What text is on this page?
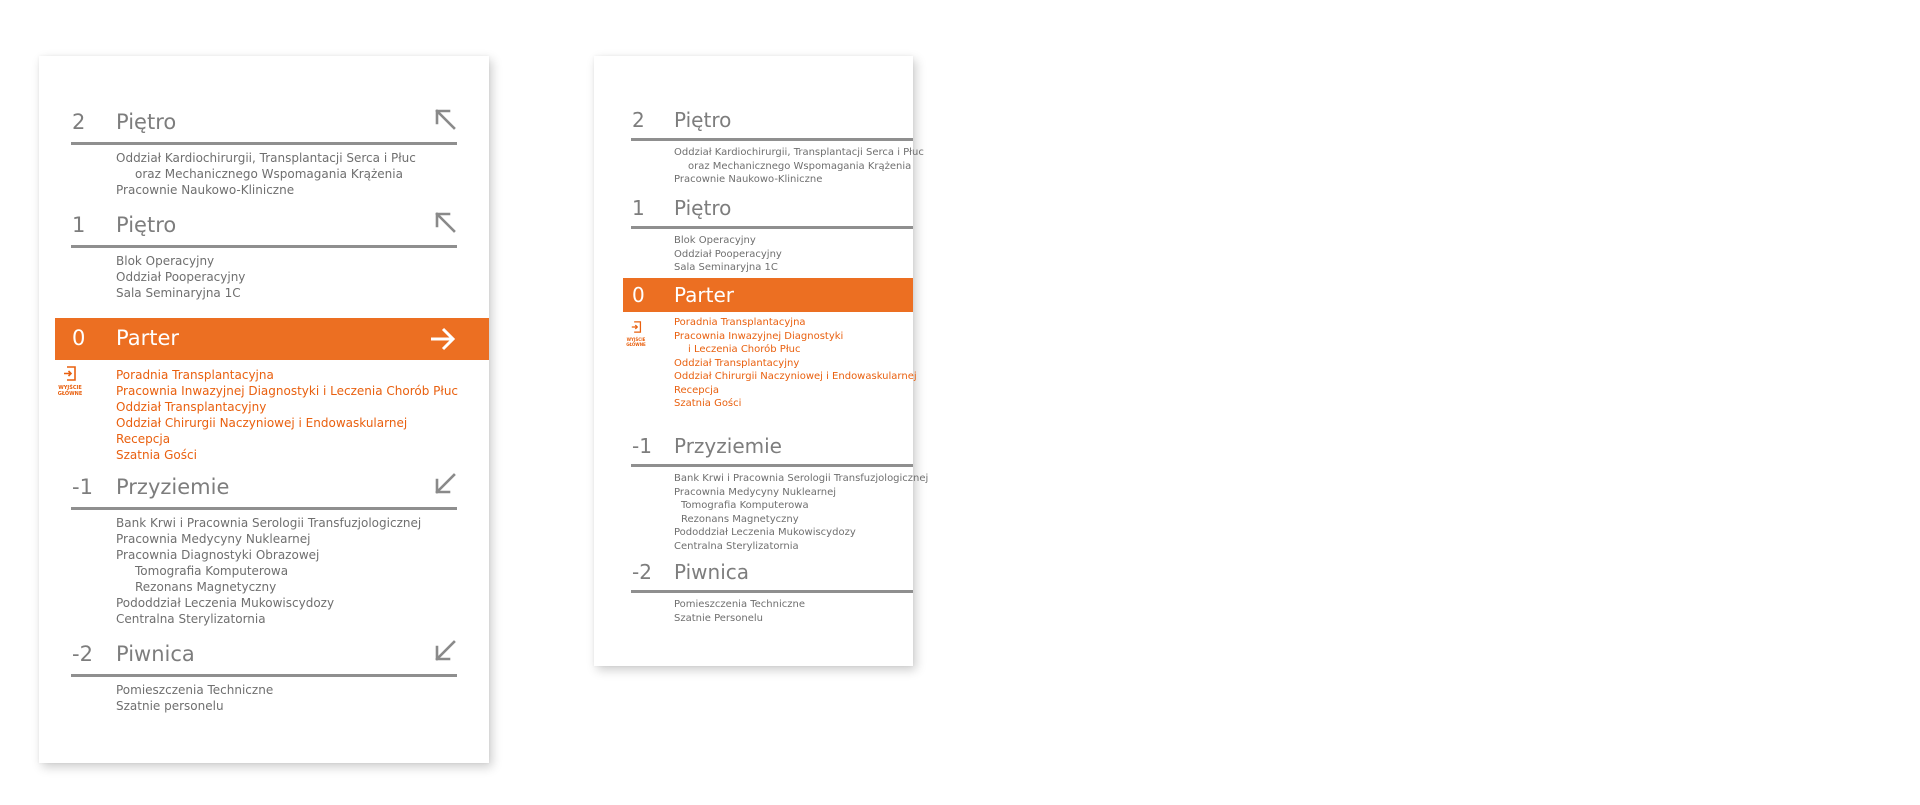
2 Piętro
Oddział Kardiochirurgii, Transplantacji Serca i Płuc
oraz Mechanicznego Wspomagania Krążenia
Pracownie Naukowo-Kliniczne
1 Piętro
Blok Operacyjny
Oddział Pooperacyjny
Sala Seminaryjna 1C
0 Parter
WYJŚCIE GŁÓWNE
Poradnia Transplantacyjna
Pracownia Inwazyjnej Diagnostyki i Leczenia Chorób Płuc
Oddział Transplantacyjny
Oddział Chirurgii Naczyniowej i Endowaskularnej
Recepcja
Szatnia Gości
-1 Przyziemie
Bank Krwi i Pracownia Serologii Transfuzjologicznej
Pracownia Medycyny Nuklearnej
Pracownia Diagnostyki Obrazowej
Tomografia Komputerowa
Rezonans Magnetyczny
Pododdział Leczenia Mukowiscydozy
Centralna Sterylizatornia
-2 Piwnica
Pomieszczenia Techniczne
Szatnie personelu
2 Piętro
Oddział Kardiochirurgii, Transplantacji Serca i Płuc
oraz Mechanicznego Wspomagania Krążenia
Pracownie Naukowo-Kliniczne
1 Piętro
Blok Operacyjny
Oddział Pooperacyjny
Sala Seminaryjna 1C
0 Parter
WYJŚCIE GŁÓWNE
Poradnia Transplantacyjna
Pracownia Inwazyjnej Diagnostyki
i Leczenia Chorób Płuc
Oddział Transplantacyjny
Oddział Chirurgii Naczyniowej i Endowaskularnej
Recepcja
Szatnia Gości
-1 Przyziemie
Bank Krwi i Pracownia Serologii Transfuzjologicznej
Pracownia Medycyny Nuklearnej
Tomografia Komputerowa
Rezonans Magnetyczny
Pododdział Leczenia Mukowiscydozy
Centralna Sterylizatornia
-2 Piwnica
Pomieszczenia Techniczne
Szatnie Personelu
